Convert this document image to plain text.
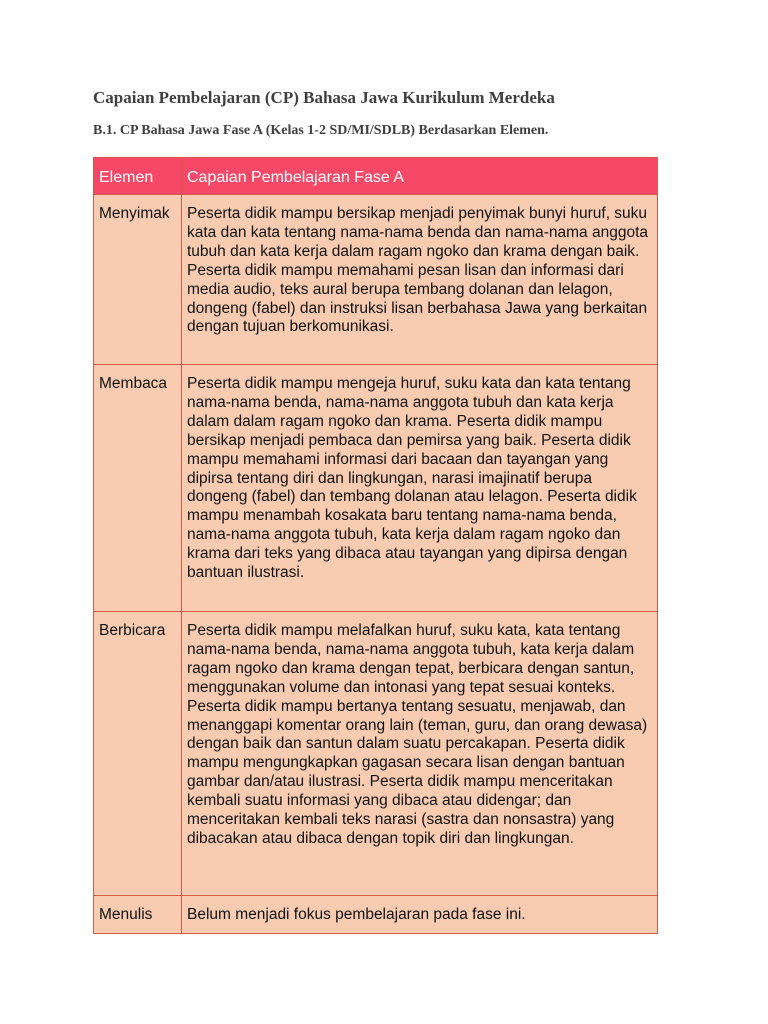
Capaian Pembelajaran (CP) Bahasa Jawa Kurikulum Merdeka
B.1. CP Bahasa Jawa Fase A (Kelas 1-2 SD/MI/SDLB) Berdasarkan Elemen.
Elemen	Capaian Pembelajaran Fase A

Menyimak	Peserta didik mampu bersikap menjadi penyimak bunyi huruf, suku kata dan kata tentang nama-nama benda dan nama-nama anggota tubuh dan kata kerja dalam ragam ngoko dan krama dengan baik. Peserta didik mampu memahami pesan lisan dan informasi dari media audio, teks aural berupa tembang dolanan dan lelagon, dongeng (fabel) dan instruksi lisan berbahasa Jawa yang berkaitan dengan tujuan berkomunikasi.

Membaca	Peserta didik mampu mengeja huruf, suku kata dan kata tentang nama-nama benda, nama-nama anggota tubuh dan kata kerja dalam dalam ragam ngoko dan krama. Peserta didik mampu bersikap menjadi pembaca dan pemirsa yang baik. Peserta didik mampu memahami informasi dari bacaan dan tayangan yang dipirsa tentang diri dan lingkungan, narasi imajinatif berupa dongeng (fabel) dan tembang dolanan atau lelagon. Peserta didik mampu menambah kosakata baru tentang nama-nama benda, nama-nama anggota tubuh, kata kerja dalam ragam ngoko dan krama dari teks yang dibaca atau tayangan yang dipirsa dengan bantuan ilustrasi.

Berbicara	Peserta didik mampu melafalkan huruf, suku kata, kata tentang nama-nama benda, nama-nama anggota tubuh, kata kerja dalam ragam ngoko dan krama dengan tepat, berbicara dengan santun, menggunakan volume dan intonasi yang tepat sesuai konteks. Peserta didik mampu bertanya tentang sesuatu, menjawab, dan menanggapi komentar orang lain (teman, guru, dan orang dewasa) dengan baik dan santun dalam suatu percakapan. Peserta didik mampu mengungkapkan gagasan secara lisan dengan bantuan gambar dan/atau ilustrasi. Peserta didik mampu menceritakan kembali suatu informasi yang dibaca atau didengar; dan menceritakan kembali teks narasi (sastra dan nonsastra) yang dibacakan atau dibaca dengan topik diri dan lingkungan.

Menulis	Belum menjadi fokus pembelajaran pada fase ini.
